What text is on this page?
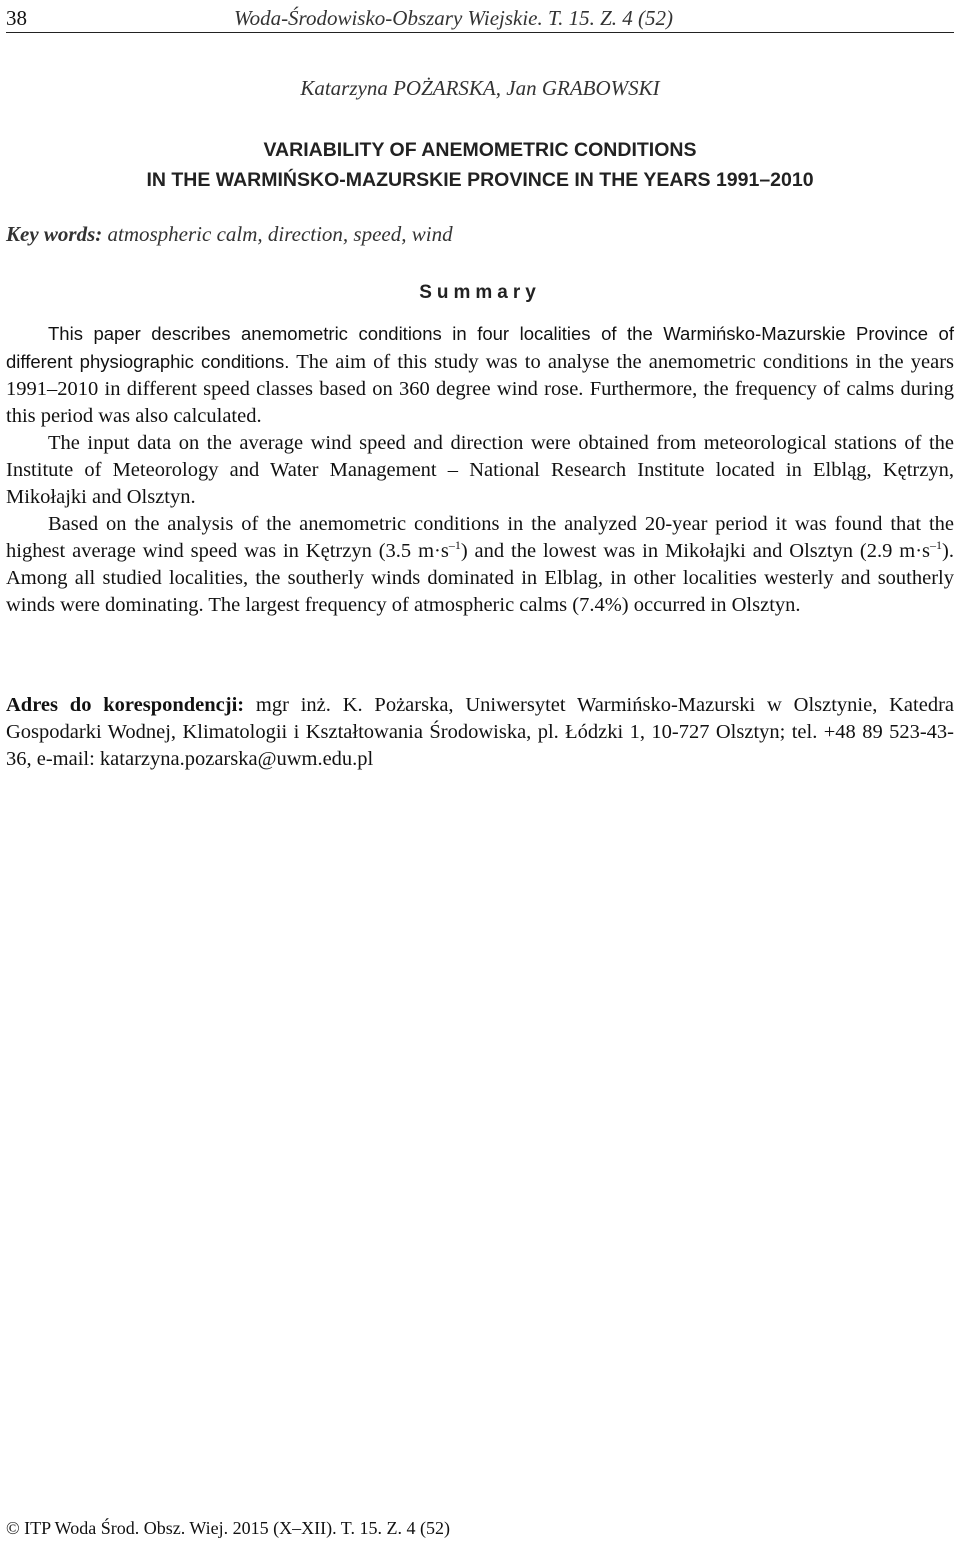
38	Woda-Środowisko-Obszary Wiejskie. T. 15. Z. 4 (52)
Katarzyna POŻARSKA, Jan GRABOWSKI
VARIABILITY OF ANEMOMETRIC CONDITIONS
IN THE WARMIŃSKO-MAZURSKIE PROVINCE IN THE YEARS 1991–2010
Key words: atmospheric calm, direction, speed, wind
Summary

This paper describes anemometric conditions in four localities of the Warmińsko-Mazurskie Province of different physiographic conditions. The aim of this study was to analyse the anemometric conditions in the years 1991–2010 in different speed classes based on 360 degree wind rose. Furthermore, the frequency of calms during this period was also calculated.

The input data on the average wind speed and direction were obtained from meteorological stations of the Institute of Meteorology and Water Management – National Research Institute located in Elbląg, Kętrzyn, Mikołajki and Olsztyn.

Based on the analysis of the anemometric conditions in the analyzed 20-year period it was found that the highest average wind speed was in Kętrzyn (3.5 $m\cdot s^{-1}$) and the lowest was in Mikołajki and Olsztyn (2.9 $m\cdot s^{-1}$). Among all studied localities, the southerly winds dominated in Elblag, in other localities westerly and southerly winds were dominating. The largest frequency of atmospheric calms (7.4%) occurred in Olsztyn.

Adres do korespondencji: mgr inż. K. Pożarska, Uniwersytet Warmińsko-Mazurski w Olsztynie, Katedra Gospodarki Wodnej, Klimatologii i Kształtowania Środowiska, pl. Łódzki 1, 10-727 Olsztyn; tel. +48 89 523-43-36, e-mail: katarzyna.pozarska@uwm.edu.pl
© ITP Woda Środ. Obsz. Wiej. 2015 (X–XII). T. 15. Z. 4 (52)
